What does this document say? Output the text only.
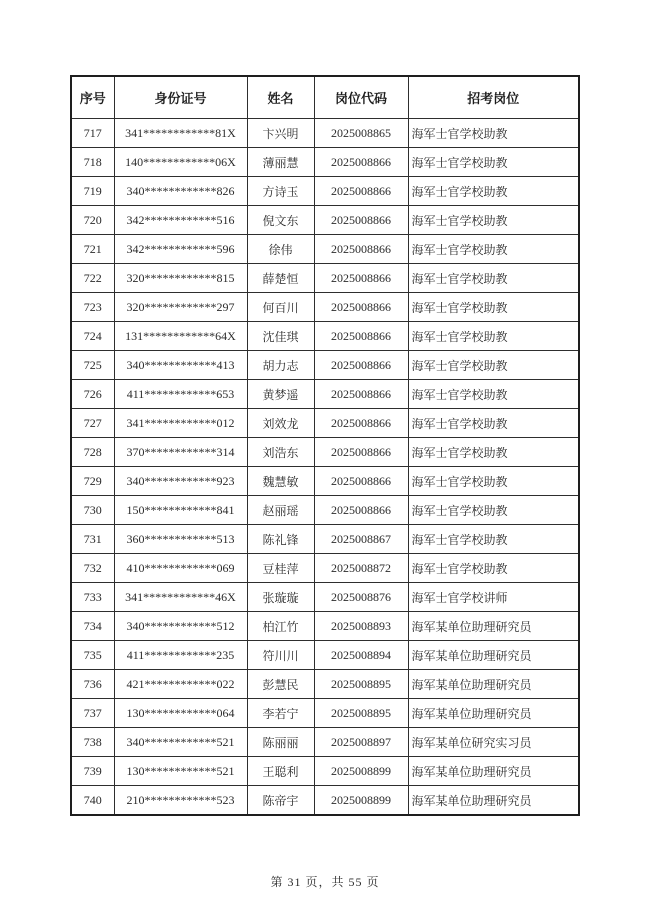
序号	身份证号	姓名	岗位代码	招考岗位
717	341************81X	卞兴明	2025008865	海军士官学校助教
718	140************06X	薄丽慧	2025008866	海军士官学校助教
719	340************826	方诗玉	2025008866	海军士官学校助教
720	342************516	倪文东	2025008866	海军士官学校助教
721	342************596	徐伟	2025008866	海军士官学校助教
722	320************815	薛楚恒	2025008866	海军士官学校助教
723	320************297	何百川	2025008866	海军士官学校助教
724	131************64X	沈佳琪	2025008866	海军士官学校助教
725	340************413	胡力志	2025008866	海军士官学校助教
726	411************653	黄梦遥	2025008866	海军士官学校助教
727	341************012	刘效龙	2025008866	海军士官学校助教
728	370************314	刘浩东	2025008866	海军士官学校助教
729	340************923	魏慧敏	2025008866	海军士官学校助教
730	150************841	赵丽瑶	2025008866	海军士官学校助教
731	360************513	陈礼锋	2025008867	海军士官学校助教
732	410************069	豆桂萍	2025008872	海军士官学校助教
733	341************46X	张璇璇	2025008876	海军士官学校讲师
734	340************512	柏江竹	2025008893	海军某单位助理研究员
735	411************235	符川川	2025008894	海军某单位助理研究员
736	421************022	彭慧民	2025008895	海军某单位助理研究员
737	130************064	李若宁	2025008895	海军某单位助理研究员
738	340************521	陈丽丽	2025008897	海军某单位研究实习员
739	130************521	王聪利	2025008899	海军某单位助理研究员
740	210************523	陈帝宇	2025008899	海军某单位助理研究员
第 31 页，共 55 页
